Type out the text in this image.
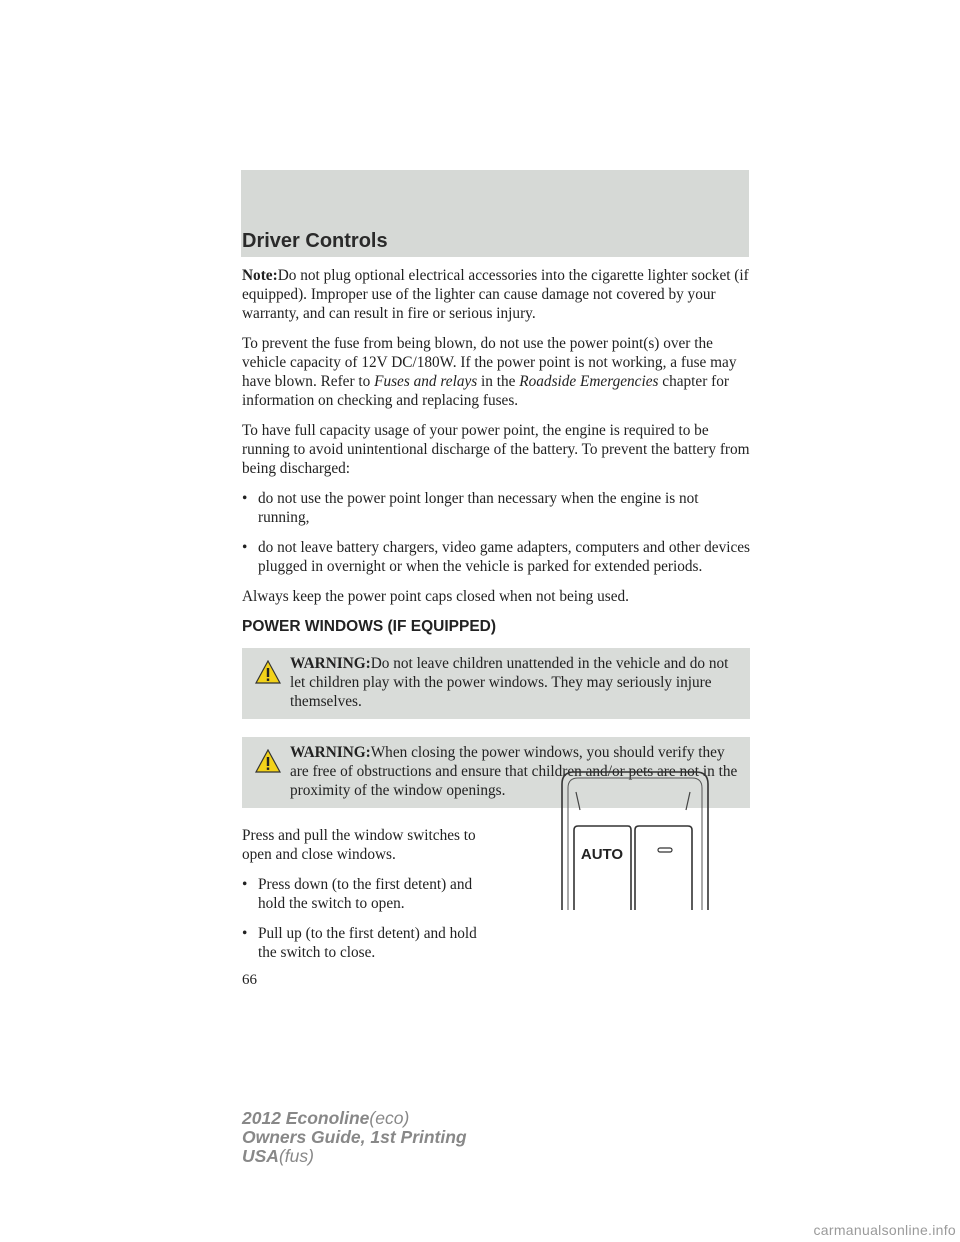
Driver Controls

Note:Do not plug optional electrical accessories into the cigarette lighter socket (if equipped). Improper use of the lighter can cause damage not covered by your warranty, and can result in fire or serious injury.

To prevent the fuse from being blown, do not use the power point(s) over the vehicle capacity of 12V DC/180W. If the power point is not working, a fuse may have blown. Refer to Fuses and relays in the Roadside Emergencies chapter for information on checking and replacing fuses.

To have full capacity usage of your power point, the engine is required to be running to avoid unintentional discharge of the battery. To prevent the battery from being discharged:

• do not use the power point longer than necessary when the engine is not running,
• do not leave battery chargers, video game adapters, computers and other devices plugged in overnight or when the vehicle is parked for extended periods.

Always keep the power point caps closed when not being used.

POWER WINDOWS (IF EQUIPPED)
WARNING:Do not leave children unattended in the vehicle and do not let children play with the power windows. They may seriously injure themselves.
WARNING:When closing the power windows, you should verify they are free of obstructions and ensure that children and/or pets are not in the proximity of the window openings.

Press and pull the window switches to open and close windows.

• Press down (to the first detent) and hold the switch to open.
• Pull up (to the first detent) and hold the switch to close.
AUTO
66
2012 Econoline(eco)
Owners Guide, 1st Printing
USA(fus)
carmanualsonline.info
